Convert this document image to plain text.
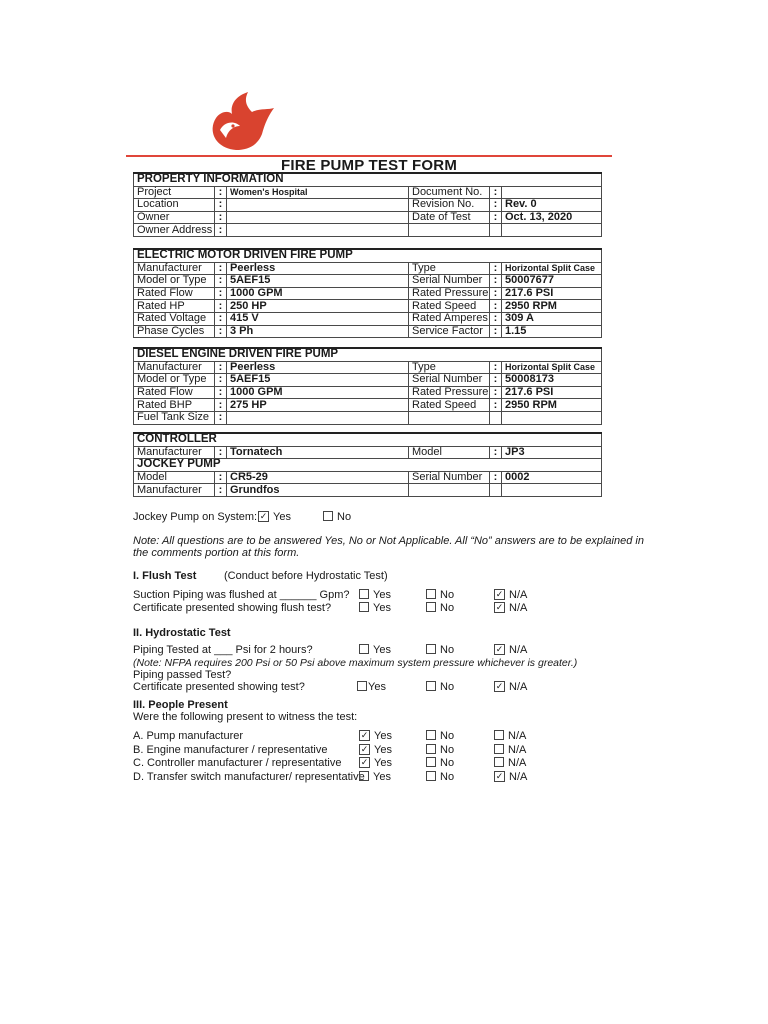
FIRE PUMP TEST FORM
PROPERTY INFORMATION					
Project	:	Women's Hospital	Document No.	:	
Location	:		Revision No.	:	Rev. 0
Owner	:		Date of Test	:	Oct. 13, 2020
Owner Address	:				
ELECTRIC MOTOR DRIVEN FIRE PUMP					
Manufacturer	:	Peerless	Type	:	Horizontal Split Case
Model or Type	:	5AEF15	Serial Number	:	50007677
Rated Flow	:	1000 GPM	Rated Pressure	:	217.6 PSI
Rated HP	:	250 HP	Rated Speed	:	2950 RPM
Rated Voltage	:	415 V	Rated Amperes	:	309 A
Phase Cycles	:	3 Ph	Service Factor	:	1.15
DIESEL ENGINE DRIVEN FIRE PUMP					
Manufacturer	:	Peerless	Type	:	Horizontal Split Case
Model or Type	:	5AEF15	Serial Number	:	50008173
Rated Flow	:	1000 GPM	Rated Pressure	:	217.6 PSI
Rated BHP	:	275 HP	Rated Speed	:	2950 RPM
Fuel Tank Size	:				
CONTROLLER					
Manufacturer	:	Tornatech	Model	:	JP3
JOCKEY PUMP					
Model	:	CR5-29	Serial Number	:	0002
Manufacturer	:	Grundfos			
Jockey Pump on System: ✓ Yes	No
Note: All questions are to be answered Yes, No or Not Applicable. All “No” answers are to be explained in
the comments portion at this form.
I. Flush Test	(Conduct before Hydrostatic Test)
Suction Piping was flushed at ______ Gpm?	Yes	No	✓ N/A
Certificate presented showing flush test?	Yes	No	✓ N/A
II. Hydrostatic Test
Piping Tested at ___ Psi for 2 hours?	Yes	No	✓ N/A
(Note: NFPA requires 200 Psi or 50 Psi above maximum system pressure whichever is greater.)
Piping passed Test?
Certificate presented showing test?	Yes	No	✓ N/A
III. People Present
Were the following present to witness the test:
A. Pump manufacturer	✓ Yes	No	N/A
B. Engine manufacturer / representative	✓ Yes	No	N/A
C. Controller manufacturer / representative ✓ Yes	No	N/A
D. Transfer switch manufacturer/ representative Yes	No	✓ N/A
